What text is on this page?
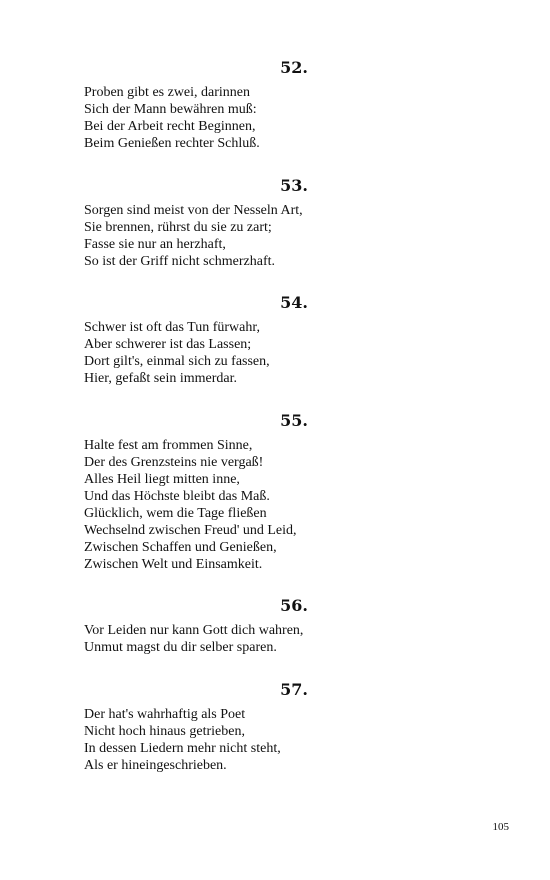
52.
Proben gibt es zwei, darinnen
Sich der Mann bewähren muß:
Bei der Arbeit recht Beginnen,
Beim Genießen rechter Schluß.
53.
Sorgen sind meist von der Nesseln Art,
Sie brennen, rührst du sie zu zart;
Fasse sie nur an herzhaft,
So ist der Griff nicht schmerzhaft.
54.
Schwer ist oft das Tun fürwahr,
Aber schwerer ist das Lassen;
Dort gilt's, einmal sich zu fassen,
Hier, gefaßt sein immerdar.
55.
Halte fest am frommen Sinne,
Der des Grenzsteins nie vergaß!
Alles Heil liegt mitten inne,
Und das Höchste bleibt das Maß.
Glücklich, wem die Tage fließen
Wechselnd zwischen Freud' und Leid,
Zwischen Schaffen und Genießen,
Zwischen Welt und Einsamkeit.
56.
Vor Leiden nur kann Gott dich wahren,
Unmut magst du dir selber sparen.
57.
Der hat's wahrhaftig als Poet
Nicht hoch hinaus getrieben,
In dessen Liedern mehr nicht steht,
Als er hineingeschrieben.
105
